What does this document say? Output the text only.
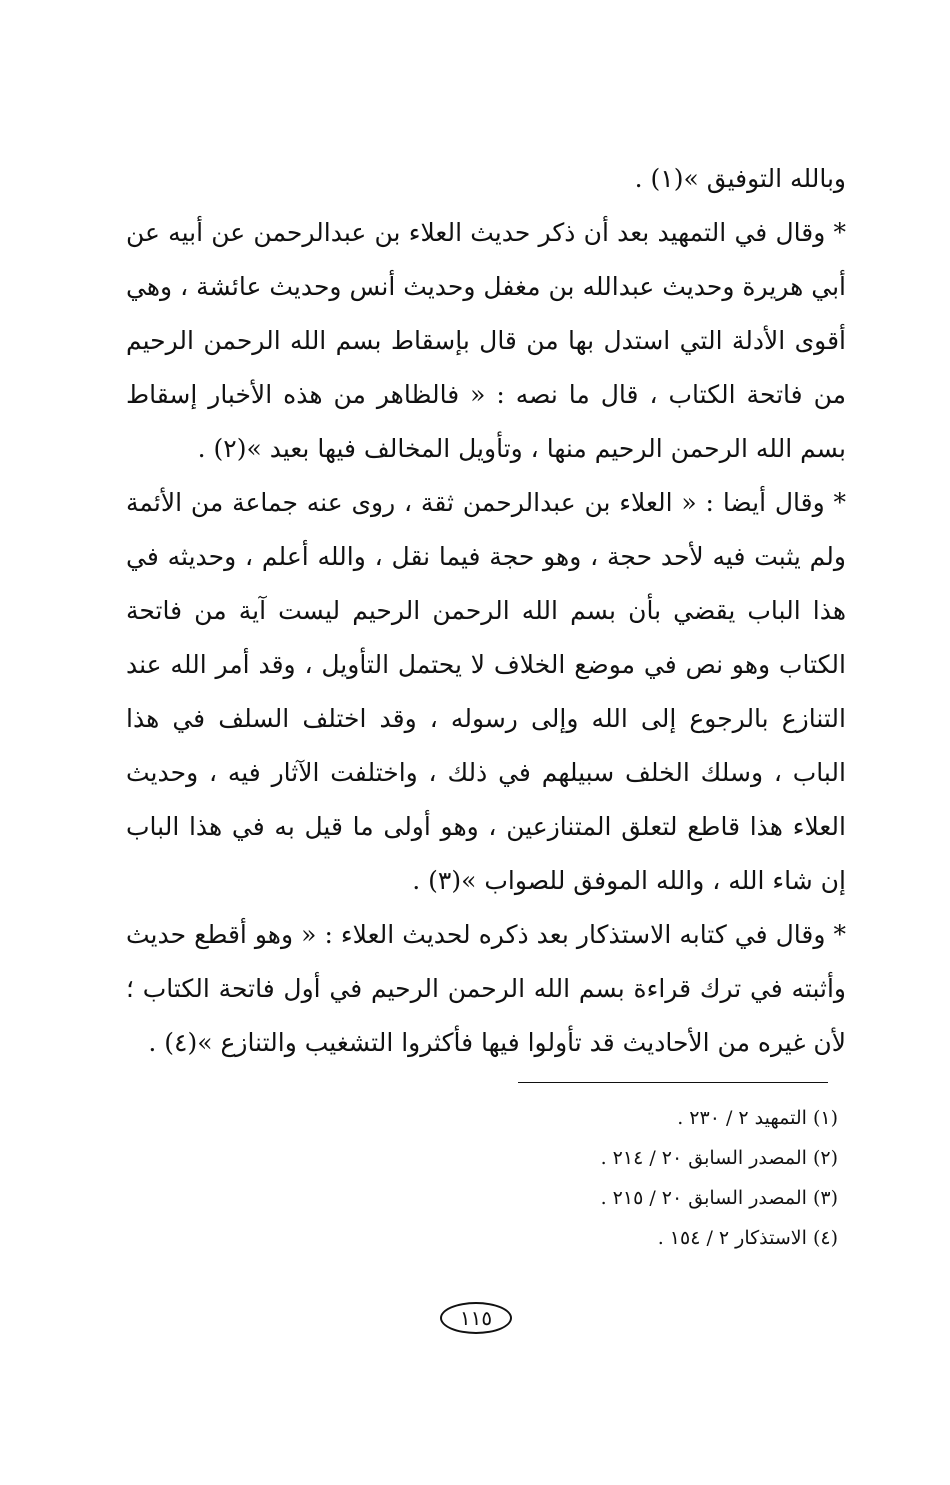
وبالله التوفيق »(١) .

* وقال في التمهيد بعد أن ذكر حديث العلاء بن عبدالرحمن عن أبيه عن أبي هريرة وحديث عبدالله بن مغفل وحديث أنس وحديث عائشة ، وهي أقوى الأدلة التي استدل بها من قال بإسقاط بسم الله الرحمن الرحيم من فاتحة الكتاب ، قال ما نصه : « فالظاهر من هذه الأخبار إسقاط بسم الله الرحمن الرحيم منها ، وتأويل المخالف فيها بعيد »(٢) .

* وقال أيضا : « العلاء بن عبدالرحمن ثقة ، روى عنه جماعة من الأئمة ولم يثبت فيه لأحد حجة ، وهو حجة فيما نقل ، والله أعلم ، وحديثه في هذا الباب يقضي بأن بسم الله الرحمن الرحيم ليست آية من فاتحة الكتاب وهو نص في موضع الخلاف لا يحتمل التأويل ، وقد أمر الله عند التنازع بالرجوع إلى الله وإلى رسوله ، وقد اختلف السلف في هذا الباب ، وسلك الخلف سبيلهم في ذلك ، واختلفت الآثار فيه ، وحديث العلاء هذا قاطع لتعلق المتنازعين ، وهو أولى ما قيل به في هذا الباب إن شاء الله ، والله الموفق للصواب »(٣) .

* وقال في كتابه الاستذكار بعد ذكره لحديث العلاء : « وهو أقطع حديث وأثبته في ترك قراءة بسم الله الرحمن الرحيم في أول فاتحة الكتاب ؛ لأن غيره من الأحاديث قد تأولوا فيها فأكثروا التشغيب والتنازع »(٤) .

(١) التمهيد ٢ / ٢٣٠ .
(٢) المصدر السابق ٢٠ / ٢١٤ .
(٣) المصدر السابق ٢٠ / ٢١٥ .
(٤) الاستذكار ٢ / ١٥٤ .
١١٥
